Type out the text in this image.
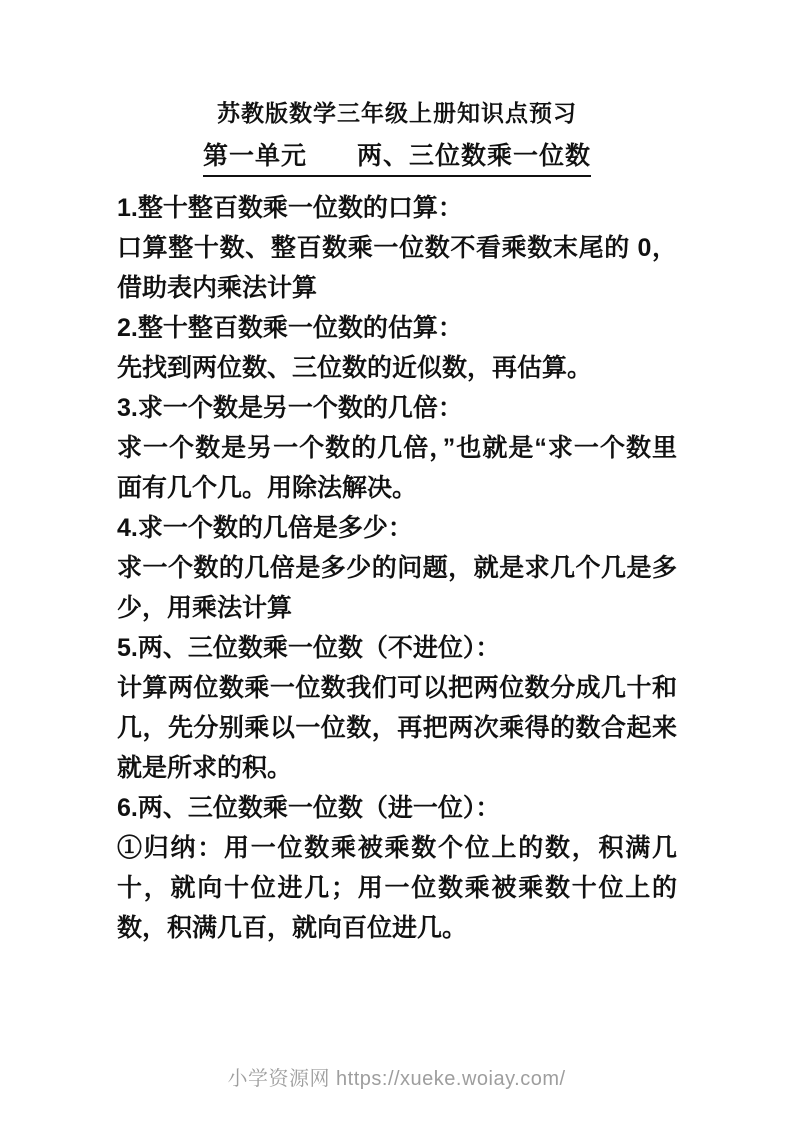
苏教版数学三年级上册知识点预习
第一单元 两、三位数乘一位数

1.整十整百数乘一位数的口算：

口算整十数、整百数乘一位数不看乘数末尾的 0，借助表内乘法计算

2.整十整百数乘一位数的估算：

先找到两位数、三位数的近似数，再估算。

3.求一个数是另一个数的几倍：

求一个数是另一个数的几倍，”也就是“求一个数里面有几个几。用除法解决。

4.求一个数的几倍是多少：

求一个数的几倍是多少的问题，就是求几个几是多少，用乘法计算

5.两、三位数乘一位数（不进位）：

计算两位数乘一位数我们可以把两位数分成几十和几，先分别乘以一位数，再把两次乘得的数合起来就是所求的积。

6.两、三位数乘一位数（进一位）：

①归纳：用一位数乘被乘数个位上的数，积满几十，就向十位进几；用一位数乘被乘数十位上的数，积满几百，就向百位进几。

小学资源网 https://xueke.woiay.com/
